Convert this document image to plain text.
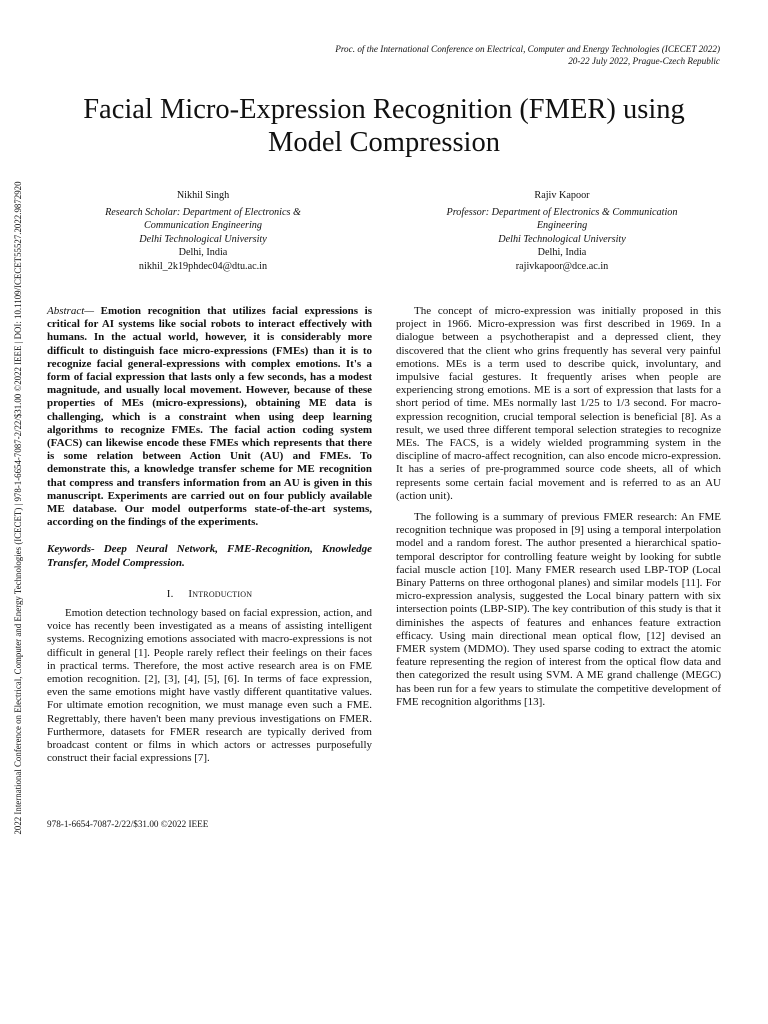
Proc. of the International Conference on Electrical, Computer and Energy Technologies (ICECET 2022)
20-22 July 2022, Prague-Czech Republic
Facial Micro-Expression Recognition (FMER) using
Model Compression
Nikhil Singh
Research Scholar: Department of Electronics &
Communication Engineering
Delhi Technological University
Delhi, India
nikhil_2k19phdec04@dtu.ac.in
Rajiv Kapoor
Professor: Department of Electronics & Communication
Engineering
Delhi Technological University
Delhi, India
rajivkapoor@dce.ac.in
2022 International Conference on Electrical, Computer and Energy Technologies (ICECET) | 978-1-6654-7087-2/22/$31.00 ©2022 IEEE | DOI: 10.1109/ICECET55527.2022.9872920 Abstract— Emotion recognition that utilizes facial expressions is critical for AI systems like social robots to interact effectively with humans. In the actual world, however, it is considerably more difficult to distinguish face micro-expressions (FMEs) than it is to recognize facial general-expressions with complex emotions. It's a form of facial expression that lasts only a few seconds, has a modest magnitude, and usually local movement. However, because of these properties of MEs (micro-expressions), obtaining ME data is challenging, which is a constraint when using deep learning algorithms to recognize FMEs. The facial action coding system (FACS) can likewise encode these FMEs which represents that there is some relation between Action Unit (AU) and FMEs. To demonstrate this, a knowledge transfer scheme for ME recognition that compress and transfers information from an AU is given in this manuscript. Experiments are carried out on four publicly available ME database. Our model outperforms state-of-the-art systems, according on the findings of the experiments.

Keywords- Deep Neural Network, FME-Recognition, Knowledge Transfer, Model Compression.

I. Introduction

Emotion detection technology based on facial expression, action, and voice has recently been investigated as a means of assisting intelligent systems. Recognizing emotions associated with macro-expressions is not difficult in general [1]. People rarely reflect their feelings on their faces in practical terms. Therefore, the most active research area is on FME emotion recognition. [2], [3], [4], [5], [6]. In terms of face expression, even the same emotions might have vastly different quantitative values. For ultimate emotion recognition, we must manage even such a FME. Regrettably, there haven't been many previous investigations on FMER. Furthermore, datasets for FMER research are typically derived from broadcast content or films in which actors or actresses purposefully construct their facial expressions [7].

The concept of micro-expression was initially proposed in this project in 1966. Micro-expression was first described in 1969. In a dialogue between a psychotherapist and a depressed client, they discovered that the client who grins frequently has several very painful emotions. MEs is a term used to describe quick, involuntary, and impulsive facial gestures. It frequently arises when people are experiencing strong emotions. ME is a sort of expression that lasts for a short period of time. MEs normally last 1/25 to 1/3 second. For macro-expression recognition, crucial temporal selection is beneficial [8]. As a result, we used three different temporal selection strategies to recognize MEs. The FACS, is a widely wielded programming system in the discipline of macro-affect recognition, can also encode micro-expression. It has a series of pre-programmed source code sheets, all of which represents some certain facial movement and is referred to as an AU (action unit).

The following is a summary of previous FMER research: An FME recognition technique was proposed in [9] using a temporal interpolation model and a random forest. The author presented a hierarchical spatio-temporal descriptor for controlling feature weight by looking for subtle facial muscle action [10]. Many FMER research used LBP-TOP (Local Binary Patterns on three orthogonal planes) and similar models [11]. For micro-expression analysis, suggested the Local binary pattern with six intersection points (LBP-SIP). The key contribution of this study is that it diminishes the aspects of features and enhances feature extraction efficacy. Using main directional mean optical flow, [12] devised an FMER system (MDMO). They used sparse coding to extract the atomic feature representing the region of interest from the optical flow data and then categorized the result using SVM. A ME grand challenge (MEGC) has been run for a few years to stimulate the competitive development of FME recognition algorithms [13].

978-1-6654-7087-2/22/$31.00 ©2022 IEEE
